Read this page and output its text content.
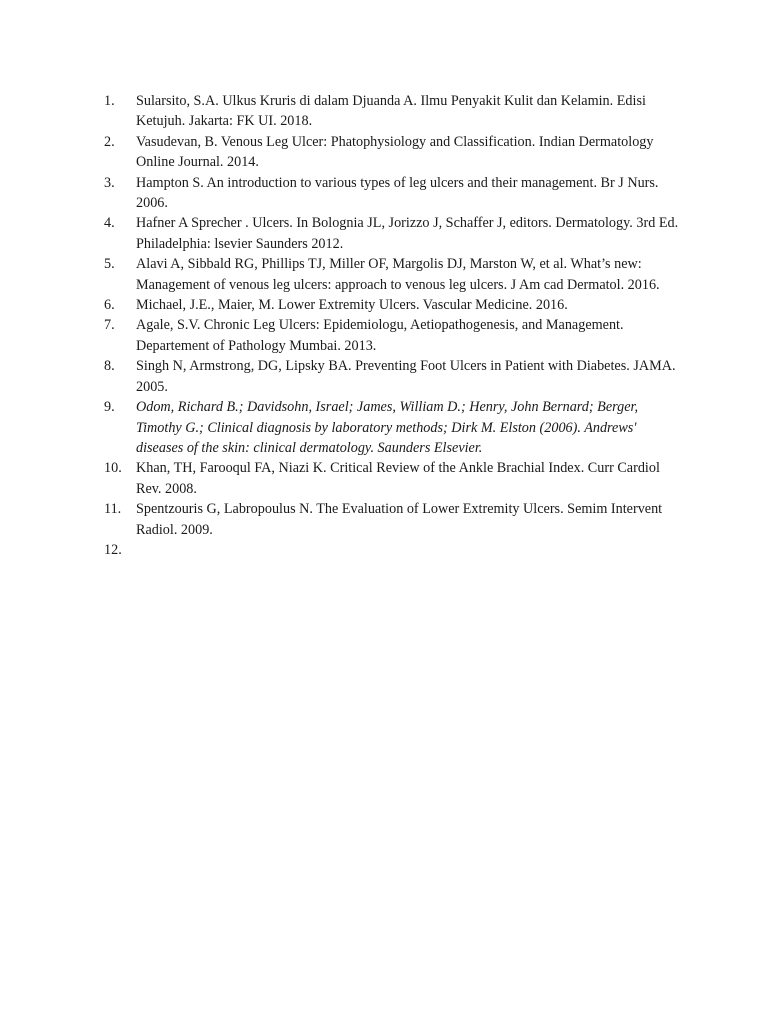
1.	Sularsito, S.A. Ulkus Kruris di dalam Djuanda A. Ilmu Penyakit Kulit dan Kelamin. Edisi Ketujuh. Jakarta: FK UI. 2018.
2.	Vasudevan, B. Venous Leg Ulcer: Phatophysiology and Classification. Indian Dermatology Online Journal. 2014.
3.	Hampton S. An introduction to various types of leg ulcers and their management. Br J Nurs. 2006.
4.	Hafner A Sprecher . Ulcers. In Bolognia JL, Jorizzo J, Schaffer J, editors. Dermatology. 3rd Ed. Philadelphia: lsevier Saunders 2012.
5.	Alavi A, Sibbald RG, Phillips TJ, Miller OF, Margolis DJ, Marston W, et al. What’s new: Management of venous leg ulcers: approach to venous leg ulcers. J Am cad Dermatol. 2016.
6.	Michael, J.E., Maier, M. Lower Extremity Ulcers. Vascular Medicine. 2016.
7.	Agale, S.V. Chronic Leg Ulcers: Epidemiologu, Aetiopathogenesis, and Management. Departement of Pathology Mumbai. 2013.
8.	Singh N, Armstrong, DG, Lipsky BA. Preventing Foot Ulcers in Patient with Diabetes. JAMA. 2005.
9.	Odom, Richard B.; Davidsohn, Israel; James, William D.; Henry, John Bernard; Berger, Timothy G.; Clinical diagnosis by laboratory methods; Dirk M. Elston (2006). Andrews' diseases of the skin: clinical dermatology. Saunders Elsevier.
10.	Khan, TH, Farooqul FA, Niazi K. Critical Review of the Ankle Brachial Index. Curr Cardiol Rev. 2008.
11.	Spentzouris G, Labropoulus N. The Evaluation of Lower Extremity Ulcers. Semim Intervent Radiol. 2009.
12.
